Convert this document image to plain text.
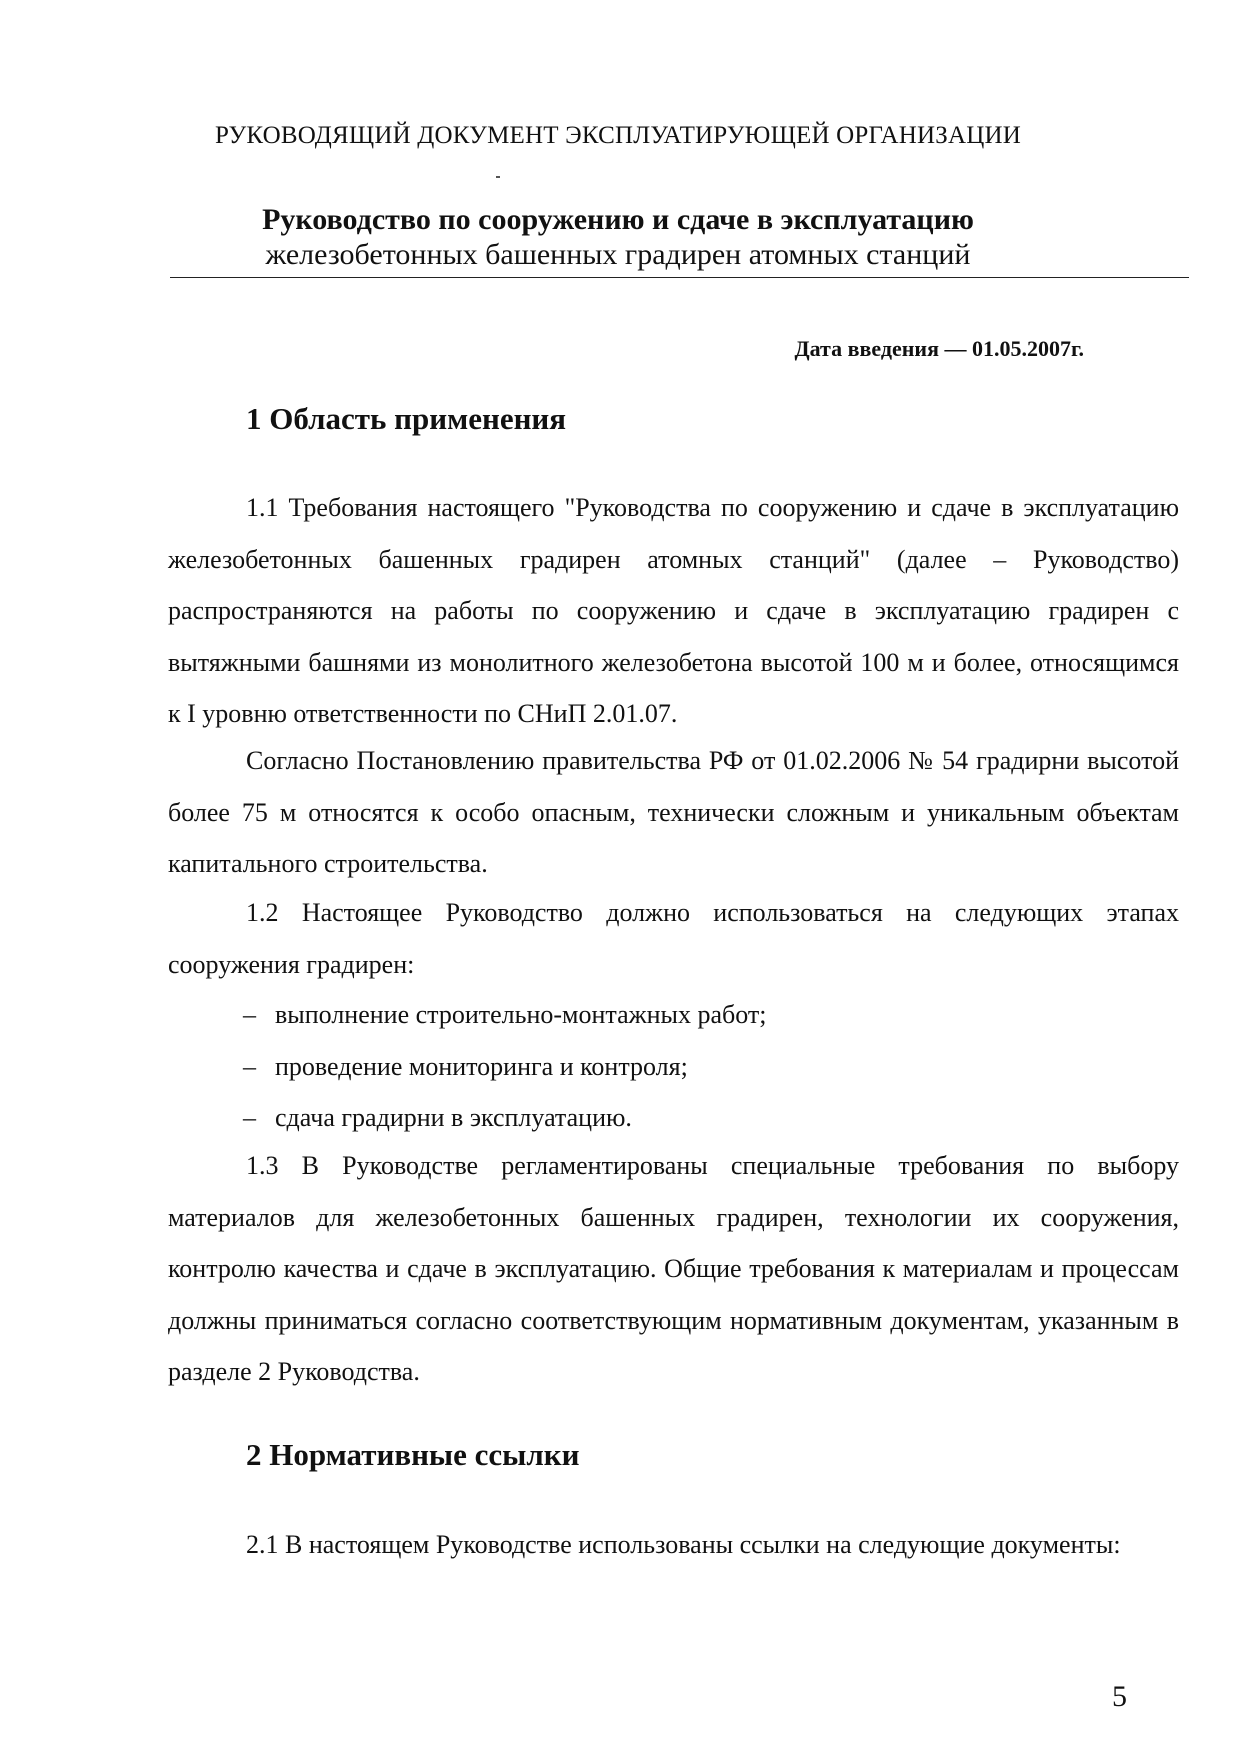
РУКОВОДЯЩИЙ ДОКУМЕНТ ЭКСПЛУАТИРУЮЩЕЙ ОРГАНИЗАЦИИ

Руководство по сооружению и сдаче в эксплуатацию
железобетонных башенных градирен атомных станций

Дата введения — 01.05.2007г.

1 Область применения

1.1 Требования настоящего "Руководства по сооружению и сдаче в эксплуатацию железобетонных башенных градирен атомных станций" (далее – Руководство) распространяются на работы по сооружению и сдаче в эксплуатацию градирен с вытяжными башнями из монолитного железобетона высотой 100 м и более, относящимся к I уровню ответственности по СНиП 2.01.07.

Согласно Постановлению правительства РФ от 01.02.2006 № 54 градирни высотой более 75 м относятся к особо опасным, технически сложным и уникальным объектам капитального строительства.

1.2 Настоящее Руководство должно использоваться на следующих этапах сооружения градирен:

– выполнение строительно-монтажных работ;
– проведение мониторинга и контроля;
– сдача градирни в эксплуатацию.

1.3 В Руководстве регламентированы специальные требования по выбору материалов для железобетонных башенных градирен, технологии их сооружения, контролю качества и сдаче в эксплуатацию. Общие требования к материалам и процессам должны приниматься согласно соответствующим нормативным документам, указанным в разделе 2 Руководства.

2 Нормативные ссылки

2.1 В настоящем Руководстве использованы ссылки на следующие документы:

5
